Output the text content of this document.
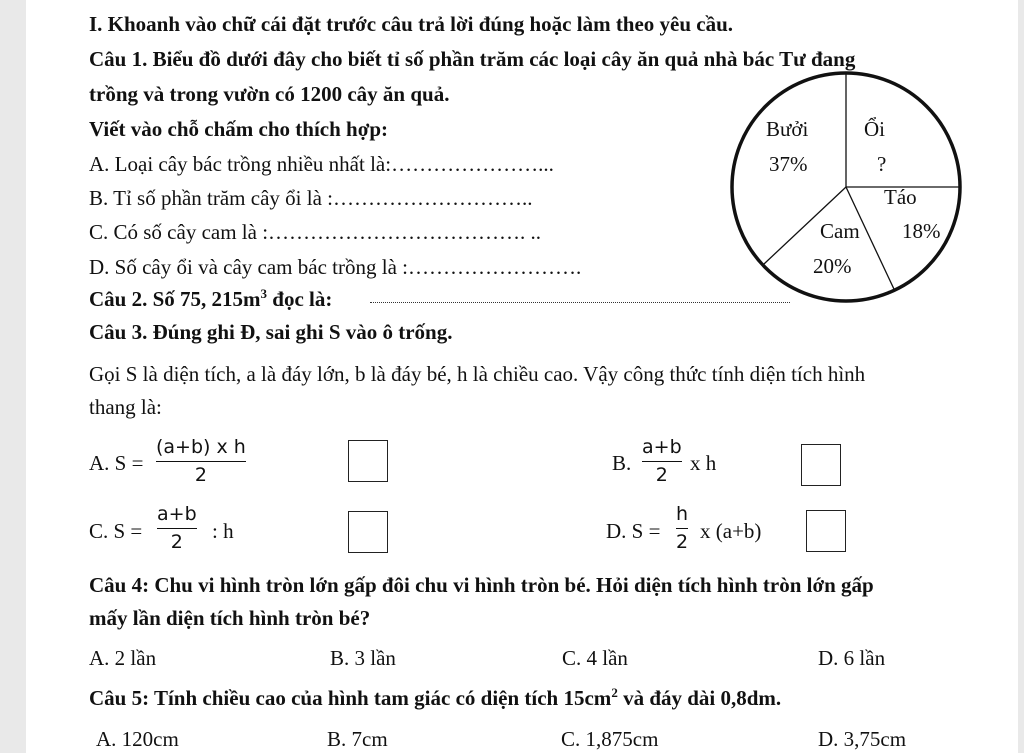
I. Khoanh vào chữ cái đặt trước câu trả lời đúng hoặc làm theo yêu cầu.
Câu 1. Biểu đồ dưới đây cho biết tỉ số phần trăm các loại cây ăn quả nhà bác Tư đang
trồng và trong vườn có 1200 cây ăn quả.
Viết vào chỗ chấm cho thích hợp:
A. Loại cây bác trồng nhiều nhất là:…………………...
B. Tỉ số phần trăm cây ổi là :………………………..
C. Có số cây cam là :………………………………. ..
D. Số cây ổi và cây cam bác trồng là :…………………….
Bưởi
37%
Ổi
?
Táo
18%
Cam
20%
Câu 2. Số 75, $215m^3$ đọc là:
Câu 3. Đúng ghi Đ, sai ghi S vào ô trống.
Gọi S là diện tích, a là đáy lớn, b là đáy bé, h là chiều cao. Vậy công thức tính diện tích hình
thang là:
A. S =
(a+b) x h
2	B.
a+b
2 x h
C. S =
a+b
2 : h	D. S =
h
2 x (a+b)
Câu 4: Chu vi hình tròn lớn gấp đôi chu vi hình tròn bé. Hỏi diện tích hình tròn lớn gấp
mấy lần diện tích hình tròn bé?
A. 2 lần	B. 3 lần	C. 4 lần	D. 6 lần
Câu 5: Tính chiều cao của hình tam giác có diện tích $15cm^2$ và đáy dài 0,8dm.
A. 120cm	B. 7cm	C. 1,875cm	D. 3,75cm
